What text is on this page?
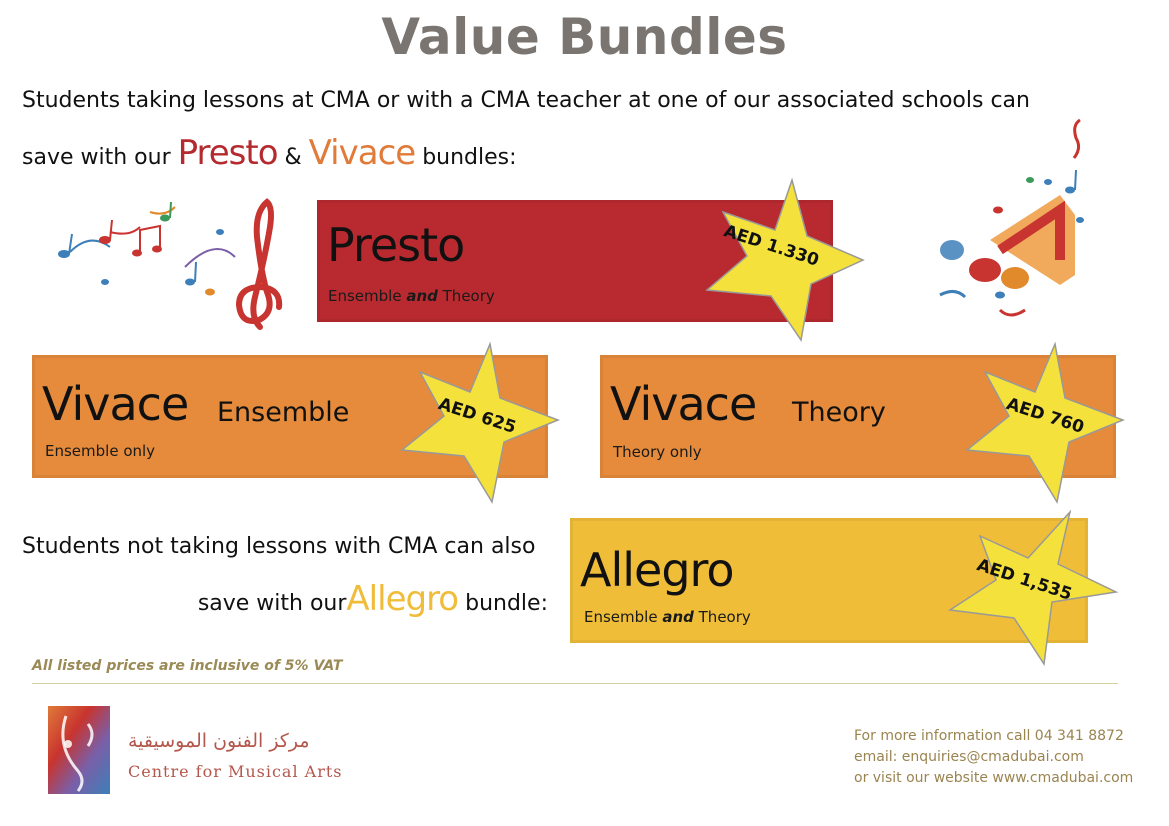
Value Bundles
Students taking lessons at CMA or with a CMA teacher at one of our associated schools can
save with our Presto & Vivace bundles:
Presto
Ensemble and Theory
AED 1.330
Vivace Ensemble
Ensemble only
AED 625 Vivace Theory
Theory only
AED 760
Students not taking lessons with CMA can also
save with ourAllegro bundle:
Allegro
Ensemble and Theory
AED 1,535
All listed prices are inclusive of 5% VAT
مركز الفنون الموسيقية
Centre for Musical Arts
For more information call 04 341 8872
email: enquiries@cmadubai.com
or visit our website www.cmadubai.com
